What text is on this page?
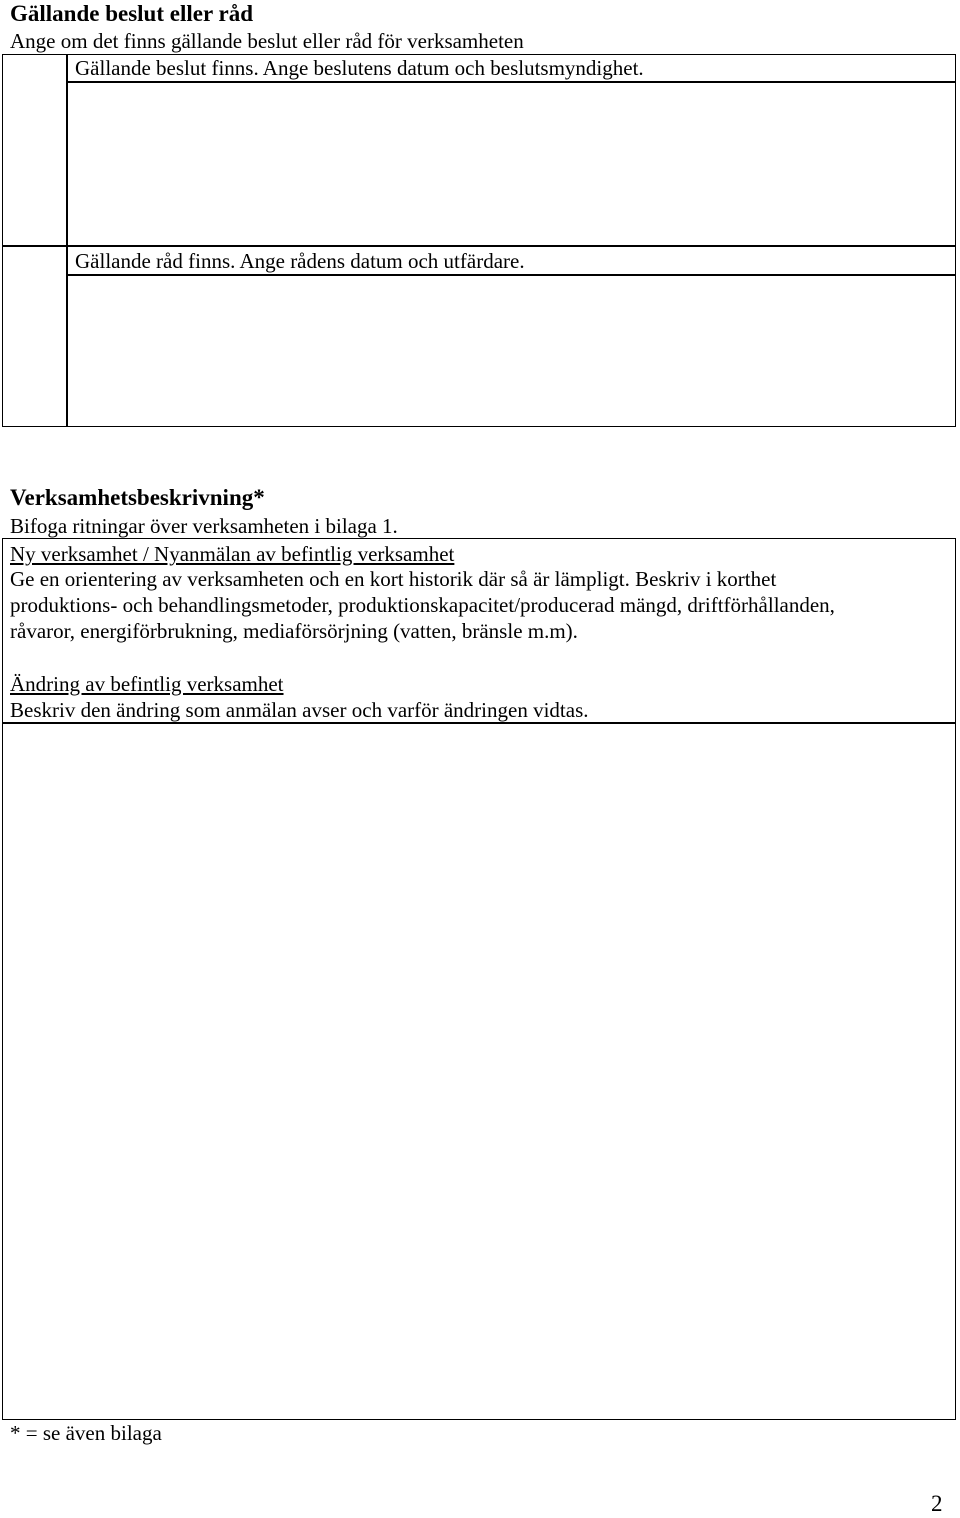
Gällande beslut eller råd
Ange om det finns gällande beslut eller råd för verksamheten
Gällande beslut finns. Ange beslutens datum och beslutsmyndighet.
Gällande råd finns. Ange rådens datum och utfärdare.
Verksamhetsbeskrivning*
Bifoga ritningar över verksamheten i bilaga 1.
Ny verksamhet / Nyanmälan av befintlig verksamhet
Ge en orientering av verksamheten och en kort historik där så är lämpligt. Beskriv i korthet
produktions- och behandlingsmetoder, produktionskapacitet/producerad mängd, driftförhållanden,
råvaror, energiförbrukning, mediaförsörjning (vatten, bränsle m.m).
Ändring av befintlig verksamhet
Beskriv den ändring som anmälan avser och varför ändringen vidtas.
* = se även bilaga
2
